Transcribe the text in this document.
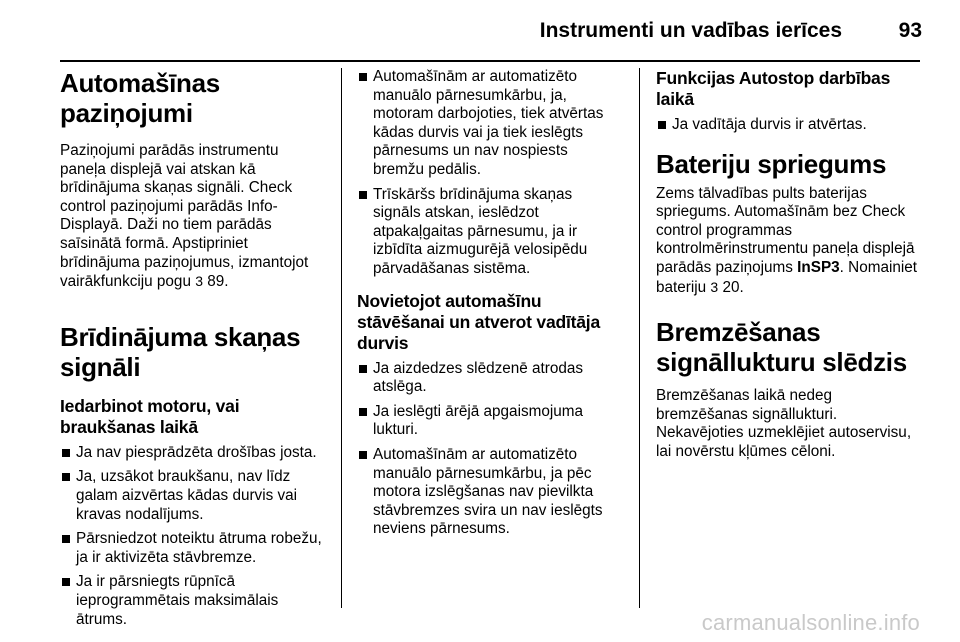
Instrumenti un vadības ierīces	93
Automašīnas paziņojumi

Paziņojumi parādās instrumentu paneļa displejā vai atskan kā brīdinājuma skaņas signāli. Check control paziņojumi parādās Info-Displayā. Daži no tiem parādās saīsinātā formā. Apstipriniet brīdinājuma paziņojumus, izmantojot vairākfunkciju pogu 3 89.

Brīdinājuma skaņas signāli
Iedarbinot motoru, vai braukšanas laikā
Ja nav piesprādzēta drošības josta.
Ja, uzsākot braukšanu, nav līdz galam aizvērtas kādas durvis vai kravas nodalījums.
Pārsniedzot noteiktu ātruma robežu, ja ir aktivizēta stāvbremze.
Ja ir pārsniegts rūpnīcā ieprogrammētais maksimālais ātrums.
Automašīnām ar automatizēto manuālo pārnesumkārbu, ja, motoram darbojoties, tiek atvērtas kādas durvis vai ja tiek ieslēgts pārnesums un nav nospiests bremžu pedālis.
Trīskāršs brīdinājuma skaņas signāls atskan, ieslēdzot atpakaļgaitas pārnesumu, ja ir izbīdīta aizmugurējā velosipēdu pārvadāšanas sistēma.
Novietojot automašīnu stāvēšanai un atverot vadītāja durvis
Ja aizdedzes slēdzenē atrodas atslēga.
Ja ieslēgti ārējā apgaismojuma lukturi.
Automašīnām ar automatizēto manuālo pārnesumkārbu, ja pēc motora izslēgšanas nav pievilkta stāvbremzes svira un nav ieslēgts neviens pārnesums.
Funkcijas Autostop darbības laikā
Ja vadītāja durvis ir atvērtas.
Bateriju spriegums

Zems tālvadības pults baterijas spriegums. Automašīnām bez Check control programmas kontrolmērinstrumentu paneļa displejā parādās paziņojums InSP3. Nomainiet bateriju 3 20.

Bremzēšanas signāllukturu slēdzis

Bremzēšanas laikā nedeg bremzēšanas signāllukturi. Nekavējoties uzmeklējiet autoservisu, lai novērstu kļūmes cēloni.

carmanualsonline.info
